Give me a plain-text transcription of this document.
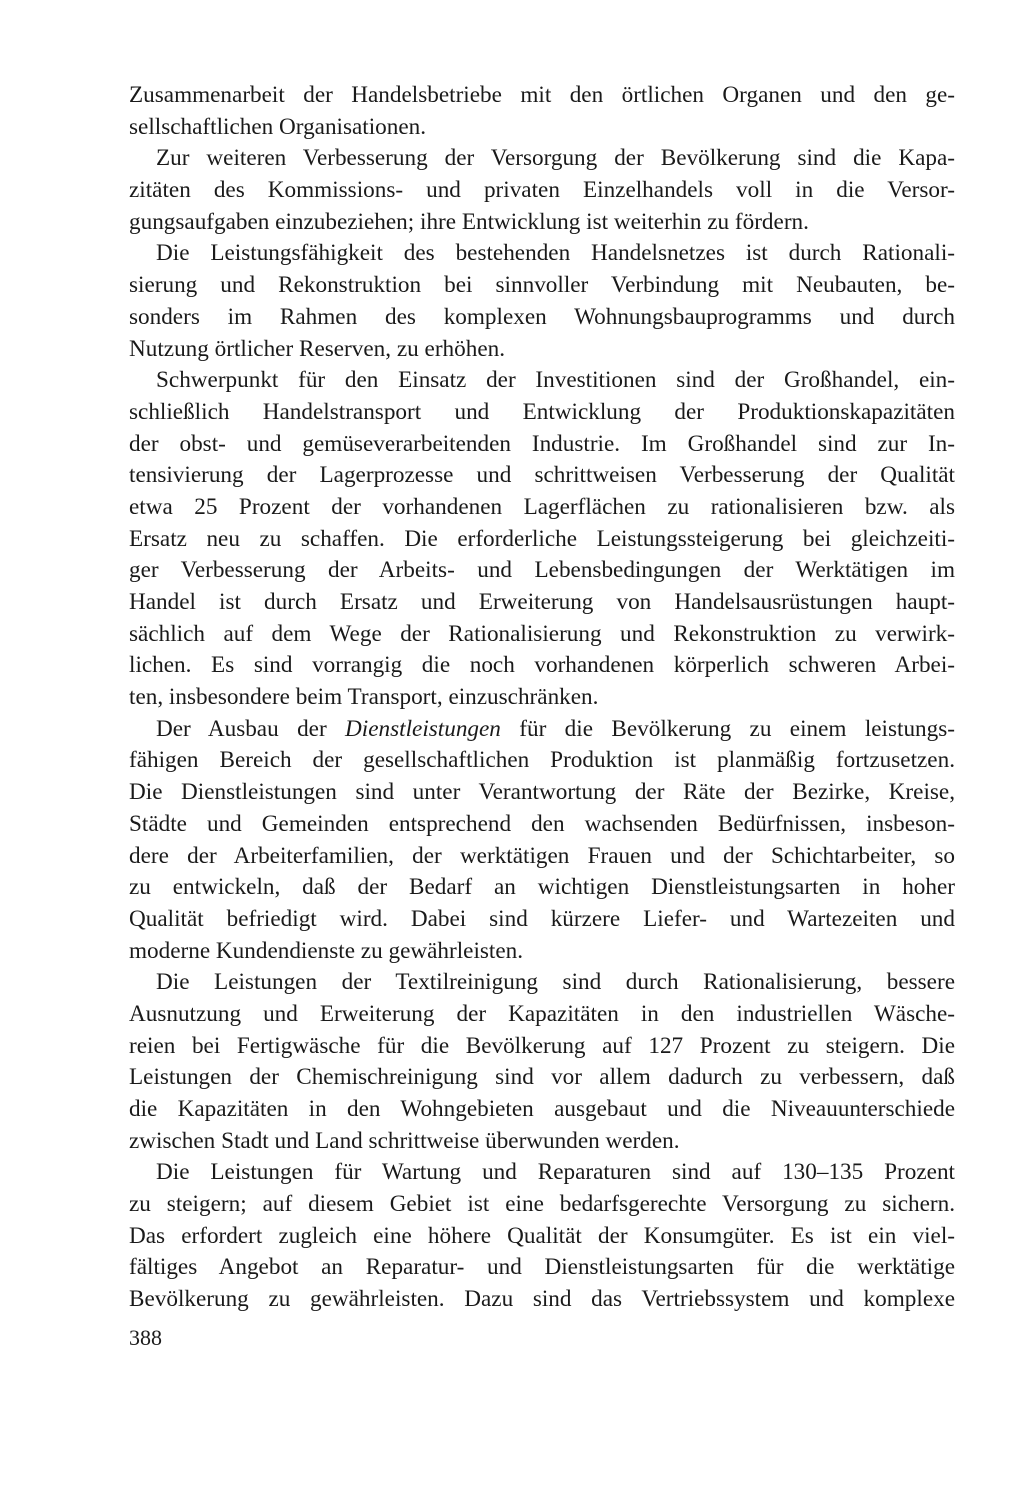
Zusammenarbeit der Handelsbetriebe mit den örtlichen Organen und den ge-
sellschaftlichen Organisationen.
Zur weiteren Verbesserung der Versorgung der Bevölkerung sind die Kapa-
zitäten des Kommissions- und privaten Einzelhandels voll in die Versor-
gungsaufgaben einzubeziehen; ihre Entwicklung ist weiterhin zu fördern.
Die Leistungsfähigkeit des bestehenden Handelsnetzes ist durch Rationali-
sierung und Rekonstruktion bei sinnvoller Verbindung mit Neubauten, be-
sonders im Rahmen des komplexen Wohnungsbauprogramms und durch
Nutzung örtlicher Reserven, zu erhöhen.
Schwerpunkt für den Einsatz der Investitionen sind der Großhandel, ein-
schließlich Handelstransport und Entwicklung der Produktionskapazitäten
der obst- und gemüseverarbeitenden Industrie. Im Großhandel sind zur In-
tensivierung der Lagerprozesse und schrittweisen Verbesserung der Qualität
etwa 25 Prozent der vorhandenen Lagerflächen zu rationalisieren bzw. als
Ersatz neu zu schaffen. Die erforderliche Leistungssteigerung bei gleichzeiti-
ger Verbesserung der Arbeits- und Lebensbedingungen der Werktätigen im
Handel ist durch Ersatz und Erweiterung von Handelsausrüstungen haupt-
sächlich auf dem Wege der Rationalisierung und Rekonstruktion zu verwirk-
lichen. Es sind vorrangig die noch vorhandenen körperlich schweren Arbei-
ten, insbesondere beim Transport, einzuschränken.
Der Ausbau der Dienstleistungen für die Bevölkerung zu einem leistungs-
fähigen Bereich der gesellschaftlichen Produktion ist planmäßig fortzusetzen.
Die Dienstleistungen sind unter Verantwortung der Räte der Bezirke, Kreise,
Städte und Gemeinden entsprechend den wachsenden Bedürfnissen, insbeson-
dere der Arbeiterfamilien, der werktätigen Frauen und der Schichtarbeiter, so
zu entwickeln, daß der Bedarf an wichtigen Dienstleistungsarten in hoher
Qualität befriedigt wird. Dabei sind kürzere Liefer- und Wartezeiten und
moderne Kundendienste zu gewährleisten.
Die Leistungen der Textilreinigung sind durch Rationalisierung, bessere
Ausnutzung und Erweiterung der Kapazitäten in den industriellen Wäsche-
reien bei Fertigwäsche für die Bevölkerung auf 127 Prozent zu steigern. Die
Leistungen der Chemischreinigung sind vor allem dadurch zu verbessern, daß
die Kapazitäten in den Wohngebieten ausgebaut und die Niveauunterschiede
zwischen Stadt und Land schrittweise überwunden werden.
Die Leistungen für Wartung und Reparaturen sind auf 130–135 Prozent
zu steigern; auf diesem Gebiet ist eine bedarfsgerechte Versorgung zu sichern.
Das erfordert zugleich eine höhere Qualität der Konsumgüter. Es ist ein viel-
fältiges Angebot an Reparatur- und Dienstleistungsarten für die werktätige
Bevölkerung zu gewährleisten. Dazu sind das Vertriebssystem und komplexe
388
